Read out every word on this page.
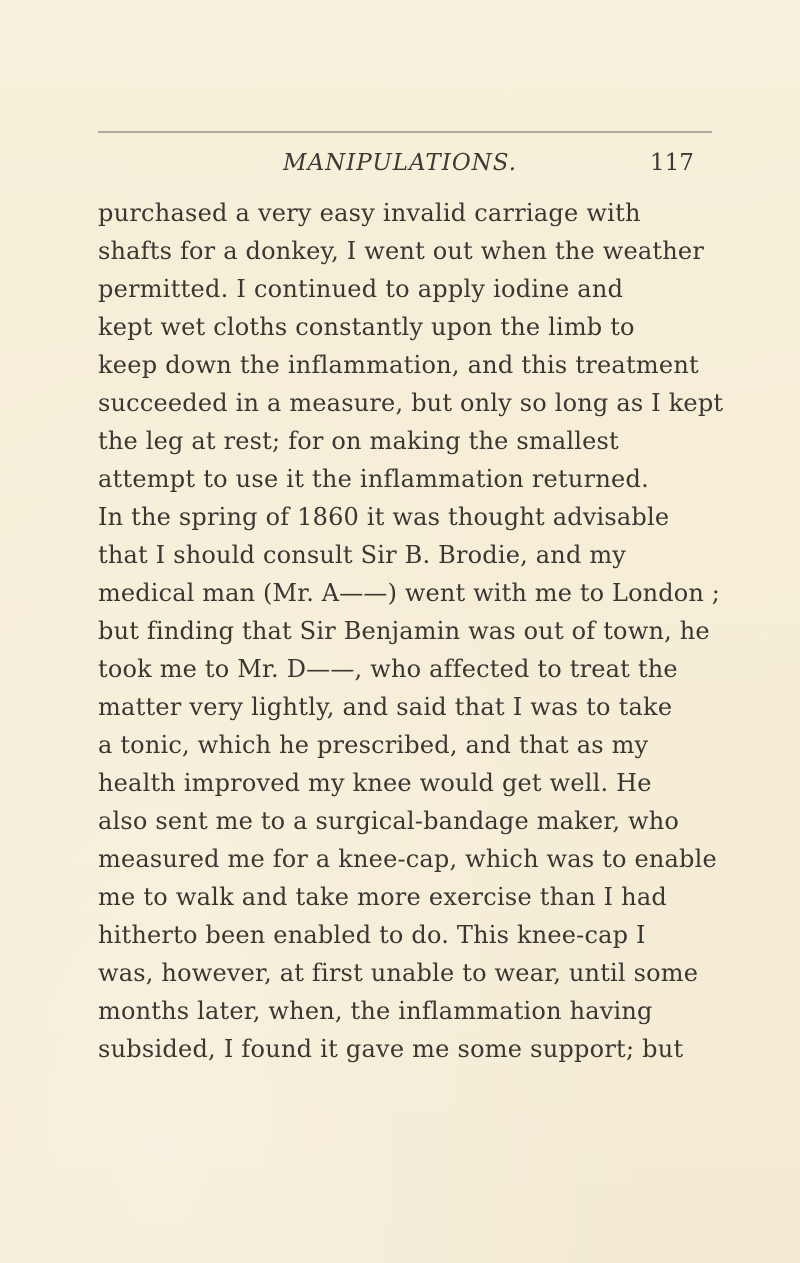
MANIPULATIONS.	117
purchased a very easy invalid carriage with
shafts for a donkey, I went out when the weather
permitted. I continued to apply iodine and
kept wet cloths constantly upon the limb to
keep down the inflammation, and this treatment
succeeded in a measure, but only so long as I kept
the leg at rest; for on making the smallest
attempt to use it the inflammation returned.
In the spring of 1860 it was thought advisable
that I should consult Sir B. Brodie, and my
medical man (Mr. A——) went with me to London ;
but finding that Sir Benjamin was out of town, he
took me to Mr. D——, who affected to treat the
matter very lightly, and said that I was to take
a tonic, which he prescribed, and that as my
health improved my knee would get well. He
also sent me to a surgical-bandage maker, who
measured me for a knee-cap, which was to enable
me to walk and take more exercise than I had
hitherto been enabled to do. This knee-cap I
was, however, at first unable to wear, until some
months later, when, the inflammation having
subsided, I found it gave me some support; but
